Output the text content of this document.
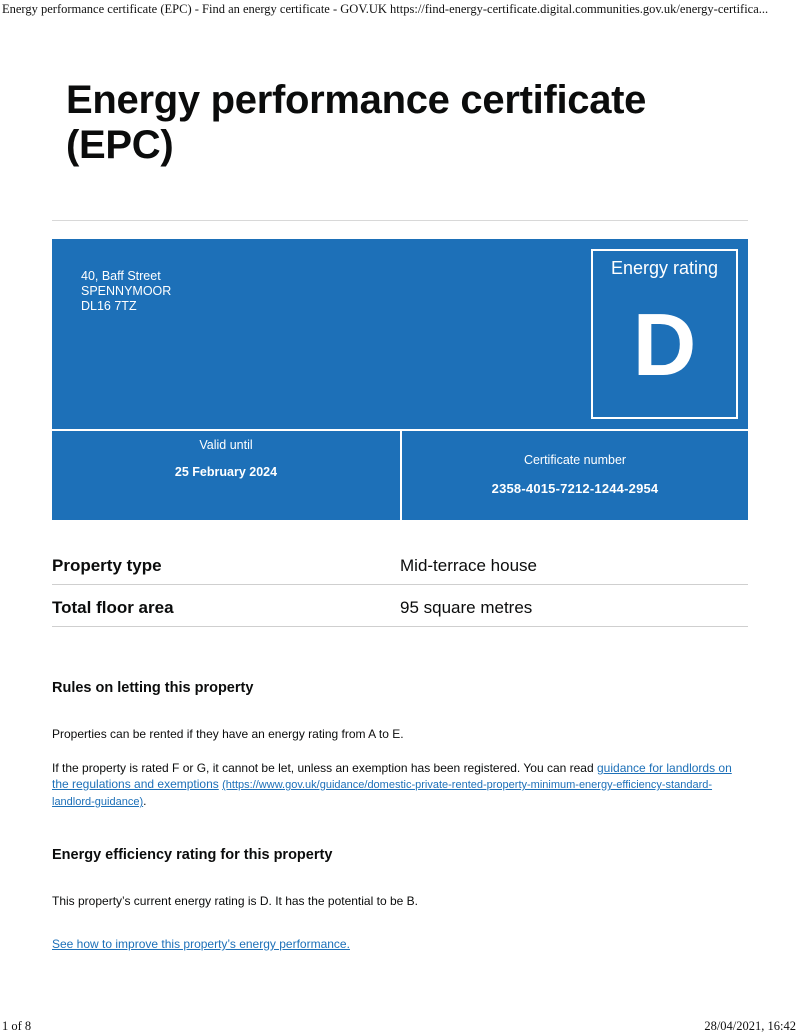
Energy performance certificate (EPC) - Find an energy certificate - GOV.UK https://find-energy-certificate.digital.communities.gov.uk/energy-certifica...
Energy performance certificate
(EPC)
40, Baff Street
SPENNYMOOR
DL16 7TZ
Energy rating
D
Valid until
25 February 2024
Certificate number
2358-4015-7212-1244-2954
Property type	Mid-terrace house
Total floor area	95 square metres
Rules on letting this property

Properties can be rented if they have an energy rating from A to E.

If the property is rated F or G, it cannot be let, unless an exemption has been registered. You can read guidance for landlords on the regulations and exemptions (https://www.gov.uk/guidance/domestic-private-rented-property-minimum-energy-efficiency-standard-landlord-guidance).

Energy efficiency rating for this property

This property’s current energy rating is D. It has the potential to be B.

See how to improve this property’s energy performance.

1 of 8	28/04/2021, 16:42
